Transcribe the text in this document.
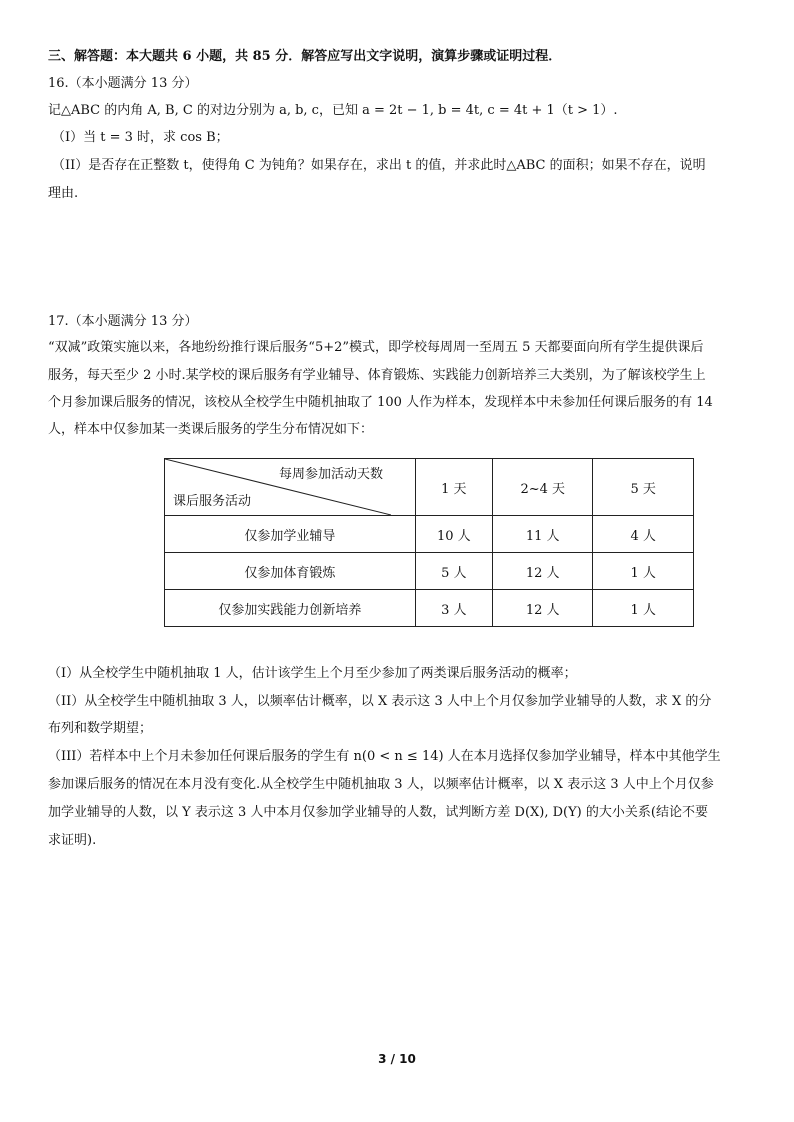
三、解答题：本大题共 6 小题，共 85 分．解答应写出文字说明，演算步骤或证明过程．
16.（本小题满分 13 分）
记△ABC 的内角 A, B, C 的对边分别为 a, b, c，已知 a = 2t − 1, b = 4t, c = 4t + 1（t > 1）.
（I）当 t = 3 时，求 cos B；
（II）是否存在正整数 t，使得角 C 为钝角？如果存在，求出 t 的值，并求此时△ABC 的面积；如果不存在，说明
理由.
17.（本小题满分 13 分）
“双减”政策实施以来，各地纷纷推行课后服务“5+2”模式，即学校每周周一至周五 5 天都要面向所有学生提供课后
服务，每天至少 2 小时.某学校的课后服务有学业辅导、体育锻炼、实践能力创新培养三大类别，为了解该校学生上
个月参加课后服务的情况，该校从全校学生中随机抽取了 100 人作为样本，发现样本中未参加任何课后服务的有 14
人，样本中仅参加某一类课后服务的学生分布情况如下：
每周参加活动天数
课后服务活动	1 天	2~4 天	5 天
仅参加学业辅导	10 人	11 人	4 人
仅参加体育锻炼	5 人	12 人	1 人
仅参加实践能力创新培养	3 人	12 人	1 人
（I）从全校学生中随机抽取 1 人，估计该学生上个月至少参加了两类课后服务活动的概率；
（II）从全校学生中随机抽取 3 人，以频率估计概率，以 X 表示这 3 人中上个月仅参加学业辅导的人数，求 X 的分
布列和数学期望；
（III）若样本中上个月未参加任何课后服务的学生有 n(0 < n ≤ 14) 人在本月选择仅参加学业辅导，样本中其他学生
参加课后服务的情况在本月没有变化.从全校学生中随机抽取 3 人，以频率估计概率，以 X 表示这 3 人中上个月仅参
加学业辅导的人数，以 Y 表示这 3 人中本月仅参加学业辅导的人数，试判断方差 D(X), D(Y) 的大小关系(结论不要
求证明).
3 / 10
